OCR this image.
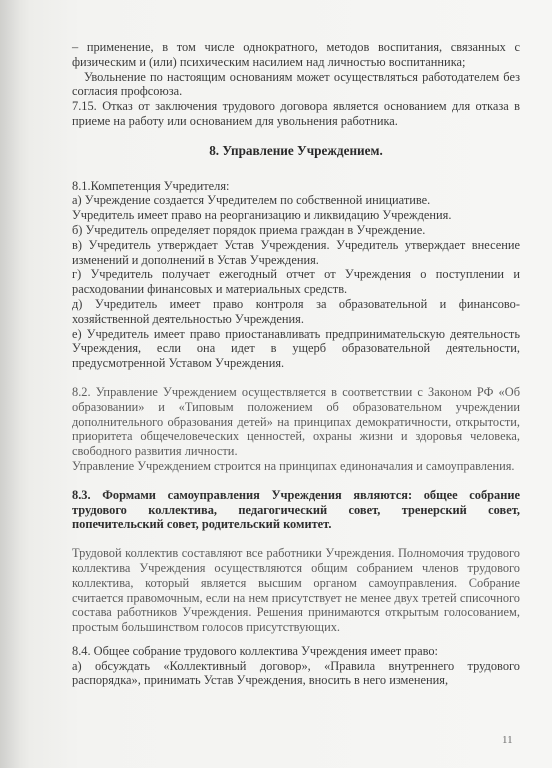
– применение, в том числе однократного, методов воспитания, связанных с физическим и (или) психическим насилием над личностью воспитанника;

Увольнение по настоящим основаниям может осуществляться работодателем без согласия профсоюза.

7.15. Отказ от заключения трудового договора является основанием для отказа в приеме на работу или основанием для увольнения работника.

8. Управление Учреждением.

8.1.Компетенция Учредителя:

а) Учреждение создается Учредителем по собственной инициативе.

Учредитель имеет право на реорганизацию и ликвидацию Учреждения.

б) Учредитель определяет порядок приема граждан в Учреждение.

в) Учредитель утверждает Устав Учреждения. Учредитель утверждает внесение изменений и дополнений в Устав Учреждения.

г) Учредитель получает ежегодный отчет от Учреждения о поступлении и расходовании финансовых и материальных средств.

д) Учредитель имеет право контроля за образовательной и финансово-хозяйственной деятельностью Учреждения.

е) Учредитель имеет право приостанавливать предпринимательскую деятельность Учреждения, если она идет в ущерб образовательной деятельности, предусмотренной Уставом Учреждения.

8.2. Управление Учреждением осуществляется в соответствии с Законом РФ «Об образовании» и «Типовым положением об образовательном учреждении дополнительного образования детей» на принципах демократичности, открытости, приоритета общечеловеческих ценностей, охраны жизни и здоровья человека, свободного развития личности.

Управление Учреждением строится на принципах единоначалия и самоуправления.

8.3. Формами самоуправления Учреждения являются: общее собрание трудового коллектива, педагогический совет, тренерский совет, попечительский совет, родительский комитет.

Трудовой коллектив составляют все работники Учреждения. Полномочия трудового коллектива Учреждения осуществляются общим собранием членов трудового коллектива, который является высшим органом самоуправления. Собрание считается правомочным, если на нем присутствует не менее двух третей списочного состава работников Учреждения. Решения принимаются открытым голосованием, простым большинством голосов присутствующих.

8.4. Общее собрание трудового коллектива Учреждения имеет право:

а) обсуждать «Коллективный договор», «Правила внутреннего трудового распорядка», принимать Устав Учреждения, вносить в него изменения,

11
